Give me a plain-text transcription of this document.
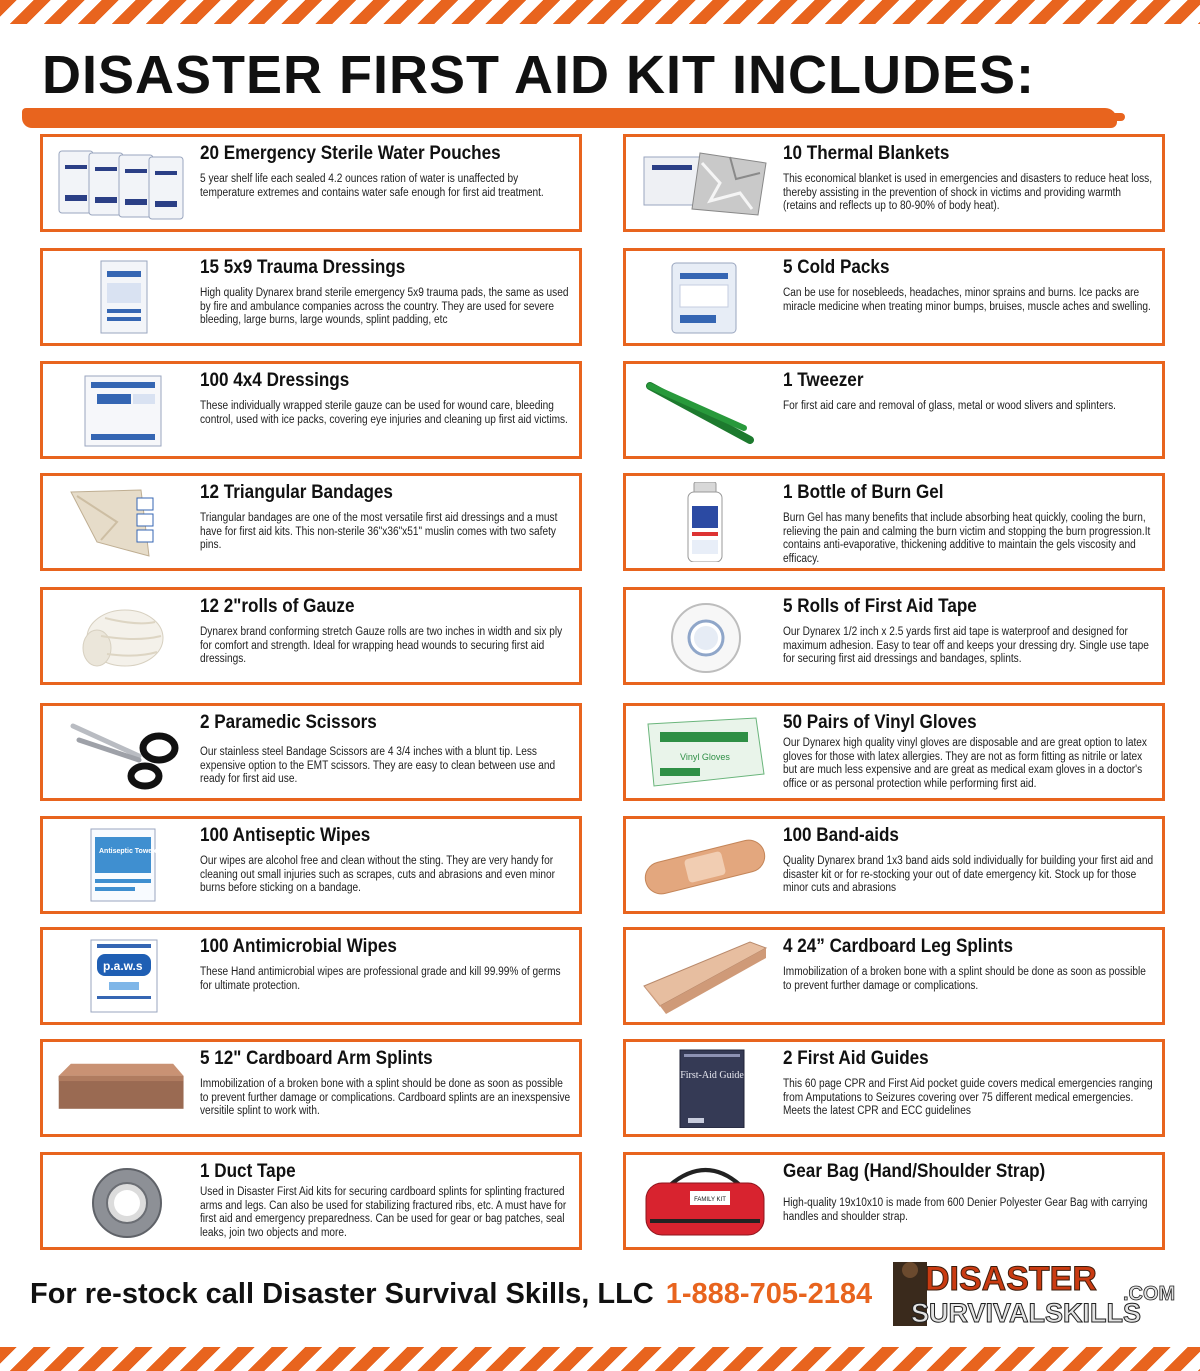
DISASTER FIRST AID KIT INCLUDES:
20 Emergency Sterile Water Pouches

5 year shelf life each sealed 4.2 ounces ration of water is unaffected by temperature extremes and contains water safe enough for first aid treatment.

10 Thermal Blankets

This economical blanket is used in emergencies and disasters to reduce heat loss, thereby assisting in the prevention of shock in victims and providing warmth (retains and reflects up to 80-90% of body heat).

15 5x9 Trauma Dressings

High quality Dynarex brand sterile emergency 5x9 trauma pads, the same as used by fire and ambulance companies across the country. They are used for severe bleeding, large burns, large wounds, splint padding, etc

5 Cold Packs

Can be use for nosebleeds, headaches, minor sprains and burns. Ice packs are miracle medicine when treating minor bumps, bruises, muscle aches and swelling.

100 4x4 Dressings

These individually wrapped sterile gauze can be used for wound care, bleeding control, used with ice packs, covering eye injuries and cleaning up first aid victims.

1 Tweezer

For first aid care and removal of glass, metal or wood slivers and splinters.

12 Triangular Bandages

Triangular bandages are one of the most versatile first aid dressings and a must have for first aid kits. This non-sterile 36"x36"x51" muslin comes with two safety pins.

1 Bottle of Burn Gel

Burn Gel has many benefits that include absorbing heat quickly, cooling the burn, relieving the pain and calming the burn victim and stopping the burn progression.It contains anti-evaporative, thickening additive to maintain the gels viscosity and efficacy.

12 2"rolls of Gauze

Dynarex brand conforming stretch Gauze rolls are two inches in width and six ply for comfort and strength. Ideal for wrapping head wounds to securing first aid dressings.

5 Rolls of First Aid Tape

Our Dynarex 1/2 inch x 2.5 yards first aid tape is waterproof and designed for maximum adhesion. Easy to tear off and keeps your dressing dry. Single use tape for securing first aid dressings and bandages, splints.

2 Paramedic Scissors

Our stainless steel Bandage Scissors are 4 3/4 inches with a blunt tip. Less expensive option to the EMT scissors. They are easy to clean between use and ready for first aid use.

Vinyl Gloves
50 Pairs of Vinyl Gloves

Our Dynarex high quality vinyl gloves are disposable and are great option to latex gloves for those with latex allergies. They are not as form fitting as nitrile or latex but are much less expensive and are great as medical exam gloves in a doctor's office or as personal protection while performing first aid.

Antiseptic Towelette
100 Antiseptic Wipes

Our wipes are alcohol free and clean without the sting. They are very handy for cleaning out small injuries such as scrapes, cuts and abrasions and even minor burns before sticking on a bandage.

100 Band-aids

Quality Dynarex brand 1x3 band aids sold individually for building your first aid and disaster kit or for re-stocking your out of date emergency kit. Stock up for those minor cuts and abrasions

p.a.w.s
100 Antimicrobial Wipes

These Hand antimicrobial wipes are professional grade and kill 99.99% of germs for ultimate protection.

4 24” Cardboard Leg Splints

Immobilization of a broken bone with a splint should be done as soon as possible to prevent further damage or complications.

5 12" Cardboard Arm Splints

Immobilization of a broken bone with a splint should be done as soon as possible to prevent further damage or complications. Cardboard splints are an inexspensive versitile splint to work with.

First-Aid Guide
2 First Aid Guides

This 60 page CPR and First Aid pocket guide covers medical emergencies ranging from Amputations to Seizures covering over 75 different medical emergencies. Meets the latest CPR and ECC guidelines

1 Duct Tape

Used in Disaster First Aid kits for securing cardboard splints for splinting fractured arms and legs. Can also be used for stabilizing fractured ribs, etc. A must have for first aid and emergency preparedness. Can be used for gear or bag patches, seal leaks, join two objects and more.

FAMILY KIT
Gear Bag (Hand/Shoulder Strap)

High-quality 19x10x10 is made from 600 Denier Polyester Gear Bag with carrying handles and shoulder strap.

For re-stock call Disaster Survival Skills, LLC 1-888-705-2184 DISASTER
SURVIVALSKILLS
.COM
